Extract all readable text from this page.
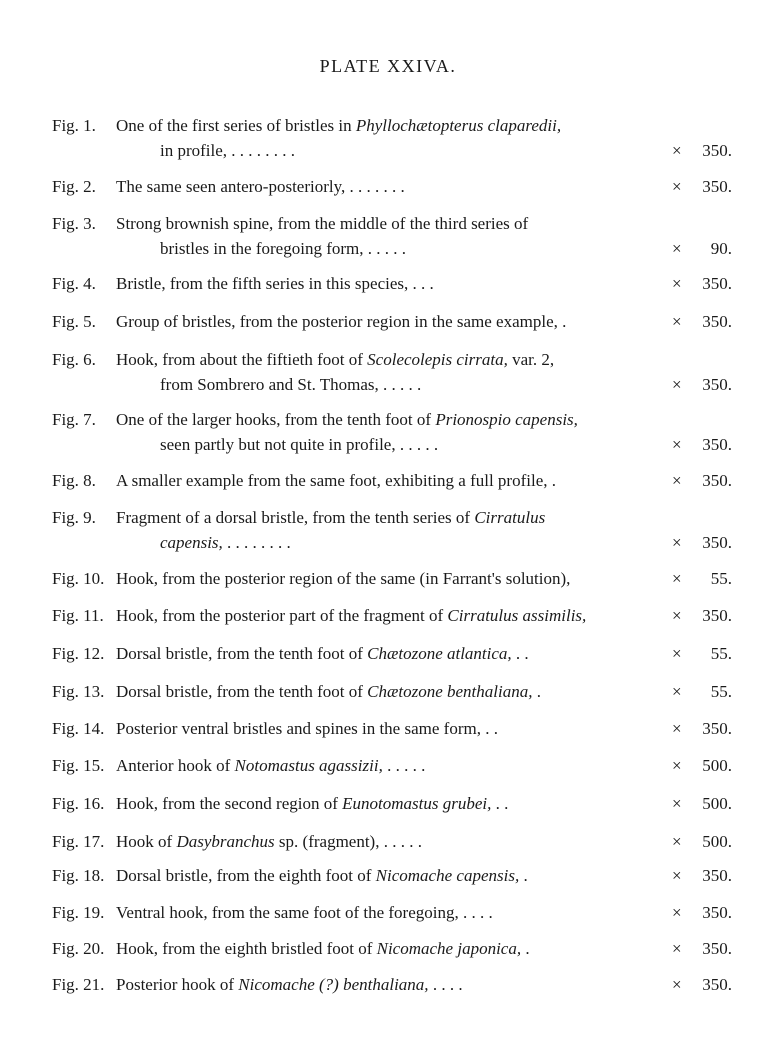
PLATE XXIVA.
Fig. 1.	One of the first series of bristles in Phyllochætopterus claparedii,
in profile, . . . . . . . .	× 350.
Fig. 2.	The same seen antero-posteriorly, . . . . . . .	× 350.
Fig. 3.	Strong brownish spine, from the middle of the third series of
bristles in the foregoing form, . . . . .	× 90.
Fig. 4.	Bristle, from the fifth series in this species, . . .	× 350.
Fig. 5.	Group of bristles, from the posterior region in the same example, .	× 350.
Fig. 6.	Hook, from about the fiftieth foot of Scolecolepis cirrata, var. 2,
from Sombrero and St. Thomas, . . . . .	× 350.
Fig. 7.	One of the larger hooks, from the tenth foot of Prionospio capensis,
seen partly but not quite in profile, . . . . .	× 350.
Fig. 8.	A smaller example from the same foot, exhibiting a full profile, .	× 350.
Fig. 9.	Fragment of a dorsal bristle, from the tenth series of Cirratulus
capensis, . . . . . . . .	× 350.
Fig. 10. Hook, from the posterior region of the same (in Farrant's solution),	× 55.
Fig. 11. Hook, from the posterior part of the fragment of Cirratulus assimilis,	× 350.
Fig. 12. Dorsal bristle, from the tenth foot of Chætozone atlantica, . .	× 55.
Fig. 13. Dorsal bristle, from the tenth foot of Chætozone benthaliana, .	× 55.
Fig. 14. Posterior ventral bristles and spines in the same form, . .	× 350.
Fig. 15. Anterior hook of Notomastus agassizii, . . . . .	× 500.
Fig. 16. Hook, from the second region of Eunotomastus grubei, . .	× 500.
Fig. 17. Hook of Dasybranchus sp. (fragment), . . . . .	× 500.
Fig. 18. Dorsal bristle, from the eighth foot of Nicomache capensis, .	× 350.
Fig. 19. Ventral hook, from the same foot of the foregoing, . . . .	× 350.
Fig. 20. Hook, from the eighth bristled foot of Nicomache japonica, .	× 350.
Fig. 21. Posterior hook of Nicomache (?) benthaliana, . . . .	× 350.
